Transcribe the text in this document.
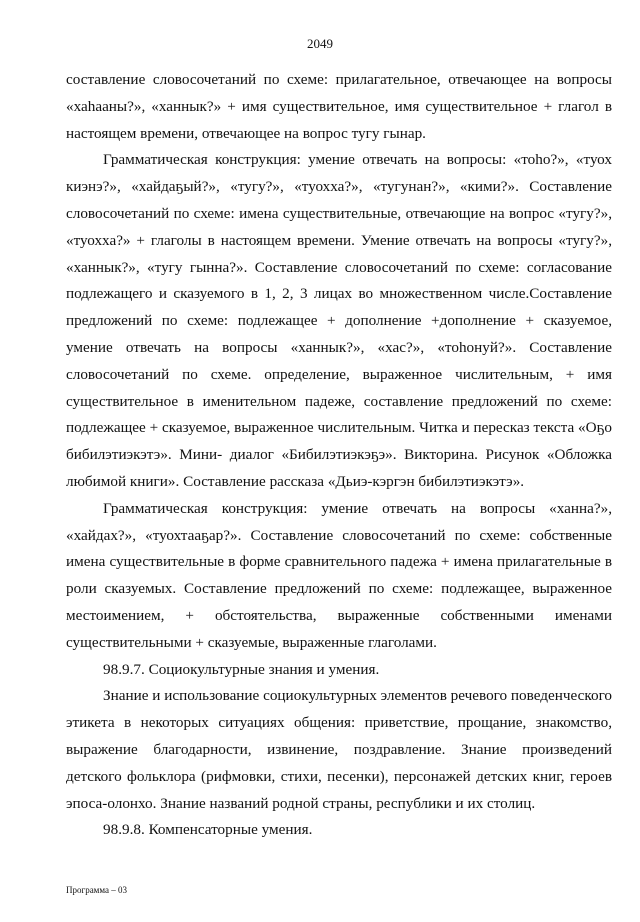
2049

составление словосочетаний по схеме: прилагательное, отвечающее на вопросы «хаhааны?», «ханнык?» + имя существительное, имя существительное + глагол в настоящем времени, отвечающее на вопрос тугу гынар.

Грамматическая конструкция: умение отвечать на вопросы: «тоhо?», «туох киэнэ?», «хайдаҕый?», «тугу?», «туохха?», «тугунан?», «кими?». Составление словосочетаний по схеме: имена существительные, отвечающие на вопрос «тугу?», «туохха?» + глаголы в настоящем времени. Умение отвечать на вопросы «тугу?», «ханнык?», «тугу гынна?». Составление словосочетаний по схеме: согласование подлежащего и сказуемого в 1, 2, 3 лицах во множественном числе.Составление предложений по схеме: подлежащее + дополнение +дополнение + сказуемое, умение отвечать на вопросы «ханнык?», «хас?», «тоhонуй?». Составление словосочетаний по схеме. определение, выраженное числительным, + имя существительное в именительном падеже, составление предложений по схеме: подлежащее + сказуемое, выраженное числительным. Читка и пересказ текста «Оҕо бибилэтиэкэтэ». Мини- диалог «Бибилэтиэкэҕэ». Викторина. Рисунок «Обложка любимой книги». Составление рассказа «Дьиэ-кэргэн бибилэтиэкэтэ».

Грамматическая конструкция: умение отвечать на вопросы «ханна?», «хайдах?», «туохтааҕар?». Составление словосочетаний по схеме: собственные имена существительные в форме сравнительного падежа + имена прилагательные в роли сказуемых. Составление предложений по схеме: подлежащее, выраженное местоимением, + обстоятельства, выраженные собственными именами существительными + сказуемые, выраженные глаголами.

98.9.7. Социокультурные знания и умения.

Знание и использование социокультурных элементов речевого поведенческого этикета в некоторых ситуациях общения: приветствие, прощание, знакомство, выражение благодарности, извинение, поздравление. Знание произведений детского фольклора (рифмовки, стихи, песенки), персонажей детских книг, героев эпоса-олонхо. Знание названий родной страны, республики и их столиц.

98.9.8. Компенсаторные умения.

Программа – 03
